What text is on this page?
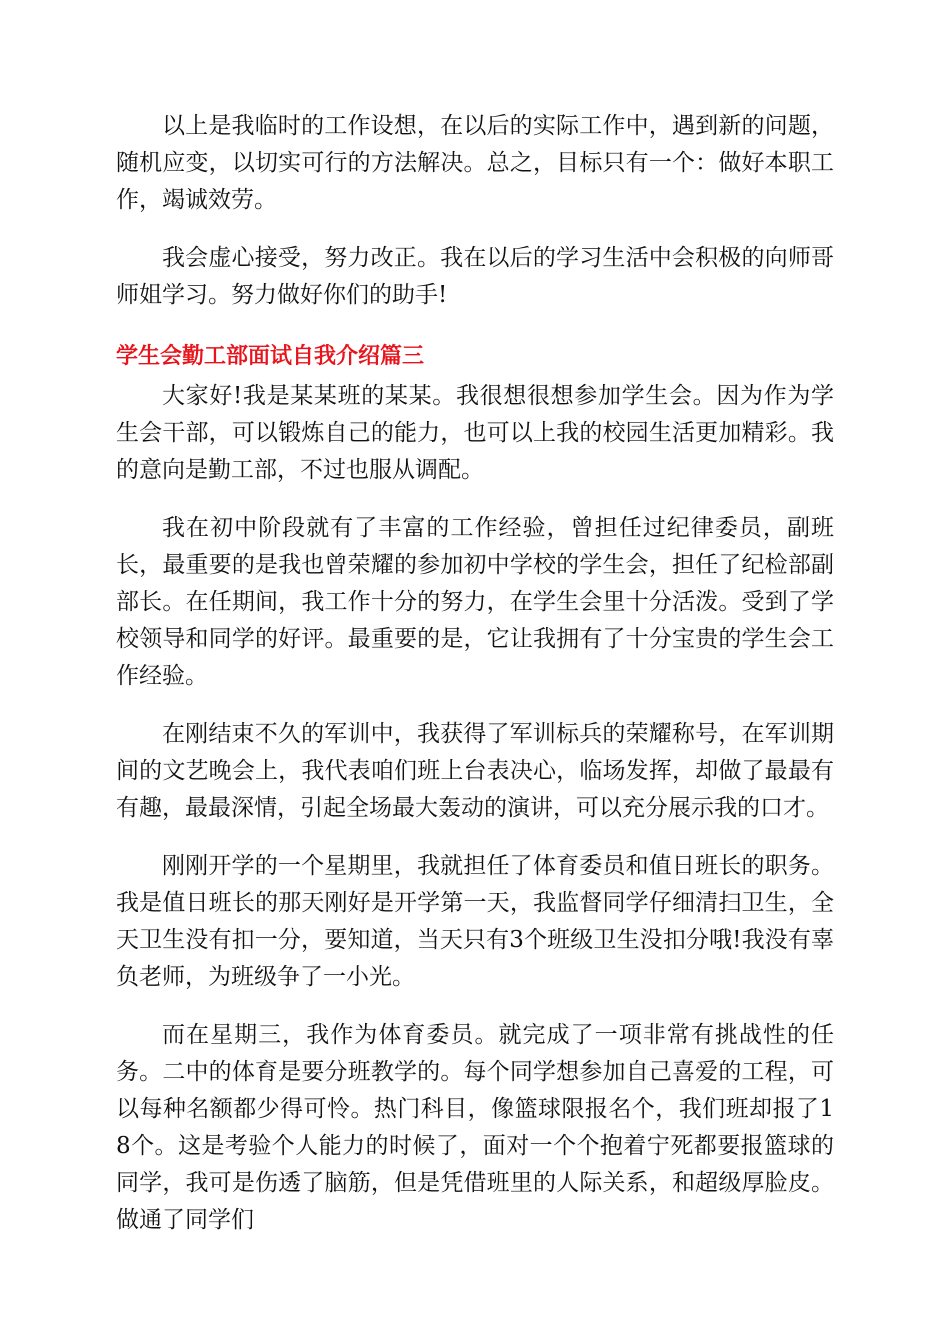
以上是我临时的工作设想，在以后的实际工作中，遇到新的问题，随机应变，以切实可行的方法解决。总之，目标只有一个：做好本职工作，竭诚效劳。

我会虚心接受，努力改正。我在以后的学习生活中会积极的向师哥师姐学习。努力做好你们的助手!

学生会勤工部面试自我介绍篇三

大家好!我是某某班的某某。我很想很想参加学生会。因为作为学生会干部，可以锻炼自己的能力，也可以上我的校园生活更加精彩。我的意向是勤工部，不过也服从调配。

我在初中阶段就有了丰富的工作经验，曾担任过纪律委员，副班长，最重要的是我也曾荣耀的参加初中学校的学生会，担任了纪检部副部长。在任期间，我工作十分的努力，在学生会里十分活泼。受到了学校领导和同学的好评。最重要的是，它让我拥有了十分宝贵的学生会工作经验。

在刚结束不久的军训中，我获得了军训标兵的荣耀称号，在军训期间的文艺晚会上，我代表咱们班上台表决心，临场发挥，却做了最最有有趣，最最深情，引起全场最大轰动的演讲，可以充分展示我的口才。

刚刚开学的一个星期里，我就担任了体育委员和值日班长的职务。我是值日班长的那天刚好是开学第一天，我监督同学仔细清扫卫生，全天卫生没有扣一分，要知道，当天只有3个班级卫生没扣分哦!我没有辜负老师，为班级争了一小光。

而在星期三，我作为体育委员。就完成了一项非常有挑战性的任务。二中的体育是要分班教学的。每个同学想参加自己喜爱的工程，可以每种名额都少得可怜。热门科目，像篮球限报名个，我们班却报了18个。这是考验个人能力的时候了，面对一个个抱着宁死都要报篮球的同学，我可是伤透了脑筋，但是凭借班里的人际关系，和超级厚脸皮。做通了同学们
